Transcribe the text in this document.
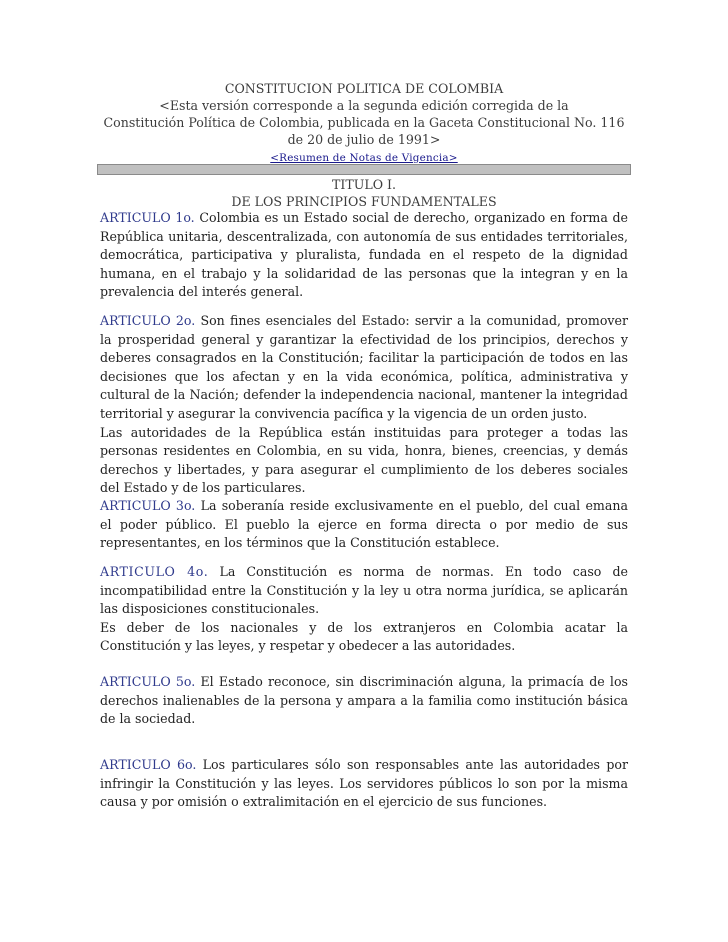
CONSTITUCION POLITICA DE COLOMBIA
<Esta versión corresponde a la segunda edición corregida de la
Constitución Política de Colombia, publicada en la Gaceta Constitucional No. 116
de 20 de julio de 1991>
<Resumen de Notas de Vigencia>
TITULO I.
DE LOS PRINCIPIOS FUNDAMENTALES

ARTICULO 1o. Colombia es un Estado social de derecho, organizado en forma de República unitaria, descentralizada, con autonomía de sus entidades territoriales, democrática, participativa y pluralista, fundada en el respeto de la dignidad humana, en el trabajo y la solidaridad de las personas que la integran y en la prevalencia del interés general.

ARTICULO 2o. Son fines esenciales del Estado: servir a la comunidad, promover la prosperidad general y garantizar la efectividad de los principios, derechos y deberes consagrados en la Constitución; facilitar la participación de todos en las decisiones que los afectan y en la vida económica, política, administrativa y cultural de la Nación; defender la independencia nacional, mantener la integridad territorial y asegurar la convivencia pacífica y la vigencia de un orden justo.

Las autoridades de la República están instituidas para proteger a todas las personas residentes en Colombia, en su vida, honra, bienes, creencias, y demás derechos y libertades, y para asegurar el cumplimiento de los deberes sociales del Estado y de los particulares.

ARTICULO 3o. La soberanía reside exclusivamente en el pueblo, del cual emana el poder público. El pueblo la ejerce en forma directa o por medio de sus representantes, en los términos que la Constitución establece.

ARTICULO 4o. La Constitución es norma de normas. En todo caso de incompatibilidad entre la Constitución y la ley u otra norma jurídica, se aplicarán las disposiciones constitucionales.

Es deber de los nacionales y de los extranjeros en Colombia acatar la Constitución y las leyes, y respetar y obedecer a las autoridades.

ARTICULO 5o. El Estado reconoce, sin discriminación alguna, la primacía de los derechos inalienables de la persona y ampara a la familia como institución básica de la sociedad.

ARTICULO 6o. Los particulares sólo son responsables ante las autoridades por infringir la Constitución y las leyes. Los servidores públicos lo son por la misma causa y por omisión o extralimitación en el ejercicio de sus funciones.
